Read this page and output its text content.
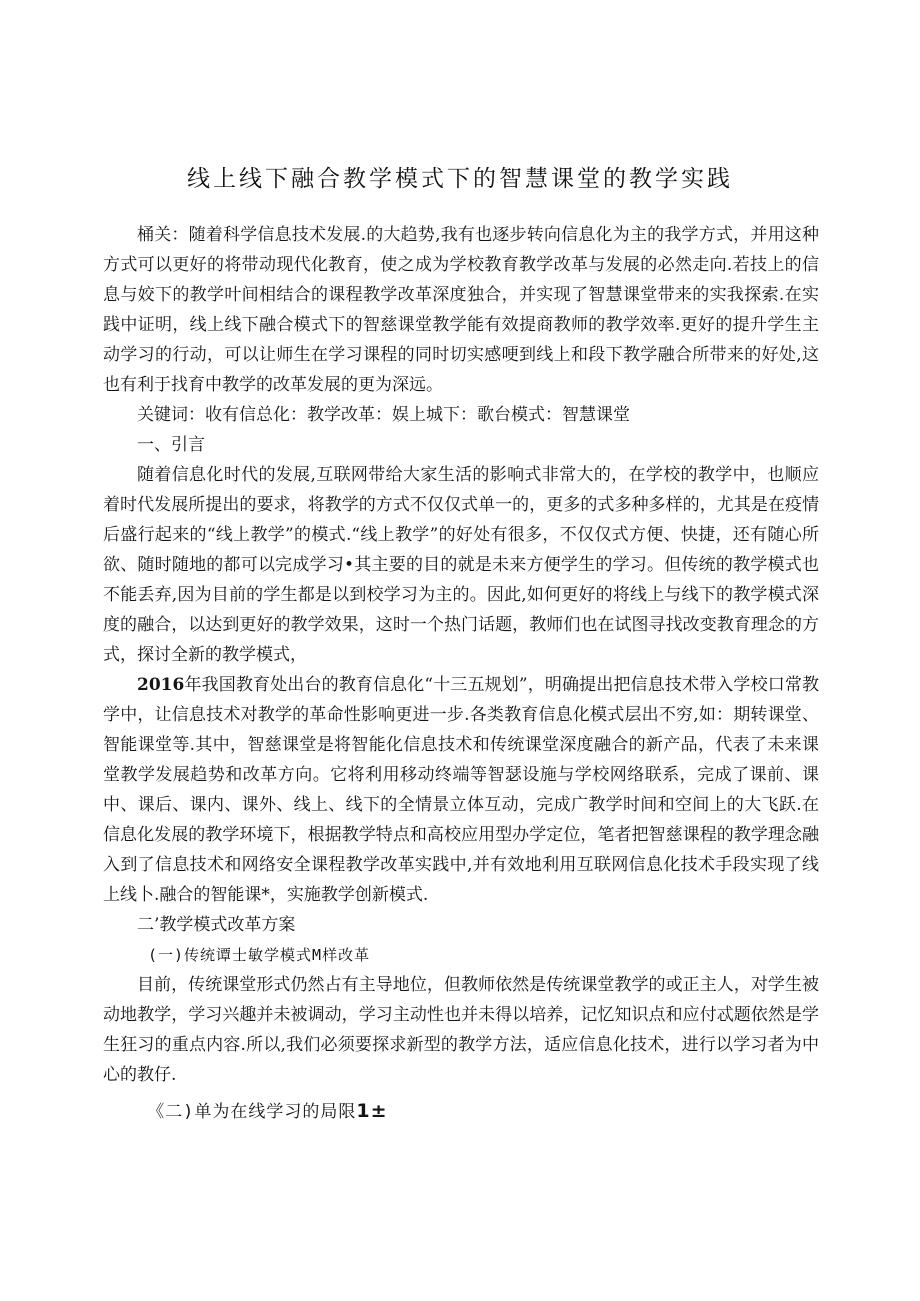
线上线下融合教学模式下的智慧课堂的教学实践

桶关：随着科学信息技术发展.的大趋势,我有也逐步转向信息化为主的我学方式，并用这种方式可以更好的将带动现代化教育，使之成为学校教育教学改革与发展的必然走向.若技上的信息与姣下的教学叶间相结合的课程教学改革深度独合，并实现了智慧课堂带来的实我探索.在实践中证明，线上线下融合模式下的智慈课堂教学能有效提商教师的教学效率.更好的提升学生主动学习的行动，可以让师生在学习课程的同时切实感哽到线上和段下教学融合所带来的好处,这也有利于找育中教学的改革发展的更为深远。

关键词：收有信总化：教学改革：娱上城下：歌台模式：智慧课堂

一、引言

随着信息化时代的发展,互联网带给大家生活的影响式非常大的，在学校的教学中，也顺应着时代发展所提出的要求，将教学的方式不仅仅式单一的，更多的式多种多样的，尤其是在疫情后盛行起来的“线上教学”的模式.“线上教学”的好处有很多，不仅仅式方便、快捷，还有随心所欲、随时随地的都可以完成学习•其主要的目的就是未来方便学生的学习。但传统的教学模式也不能丢弃,因为目前的学生都是以到校学习为主的。因此,如何更好的将线上与线下的教学模式深度的融合，以达到更好的教学效果，这时一个热门话题，教师们也在试图寻找改变教育理念的方式，探讨全新的教学模式，

2016年我国教育处出台的教育信息化“十三五规划”，明确提出把信息技术带入学校口常教学中，让信息技术对教学的革命性影响更进一步.各类教育信息化模式层出不穷,如：期转课堂、智能课堂等.其中，智慈课堂是将智能化信息技术和传统课堂深度融合的新产品，代表了未来课堂教学发展趋势和改革方向。它将利用移动终端等智瑟设施与学校网络联系，完成了课前、课中、课后、课内、课外、线上、线下的全情景立体互动，完成广教学时间和空间上的大飞跃.在信息化发展的教学环境下，根据教学特点和高校应用型办学定位，笔者把智慈课程的教学理念融入到了信息技术和网络安全课程教学改革实践中,并有效地利用互联网信息化技术手段实现了线上线卜.融合的智能课*，实施教学创新模式.

二’教学模式改革方案

(一)传统谭士敏学模式M样改革

目前，传统课堂形式仍然占有主导地位，但教师依然是传统课堂教学的或正主人，对学生被动地教学，学习兴趣并未被调动，学习主动性也并未得以培养，记忆知识点和应付忒题依然是学生狂习的重点内容.所以,我们必须要探求新型的教学方法，适应信息化技术，进行以学习者为中心的教仔.

《二)单为在线学习的局限1±
